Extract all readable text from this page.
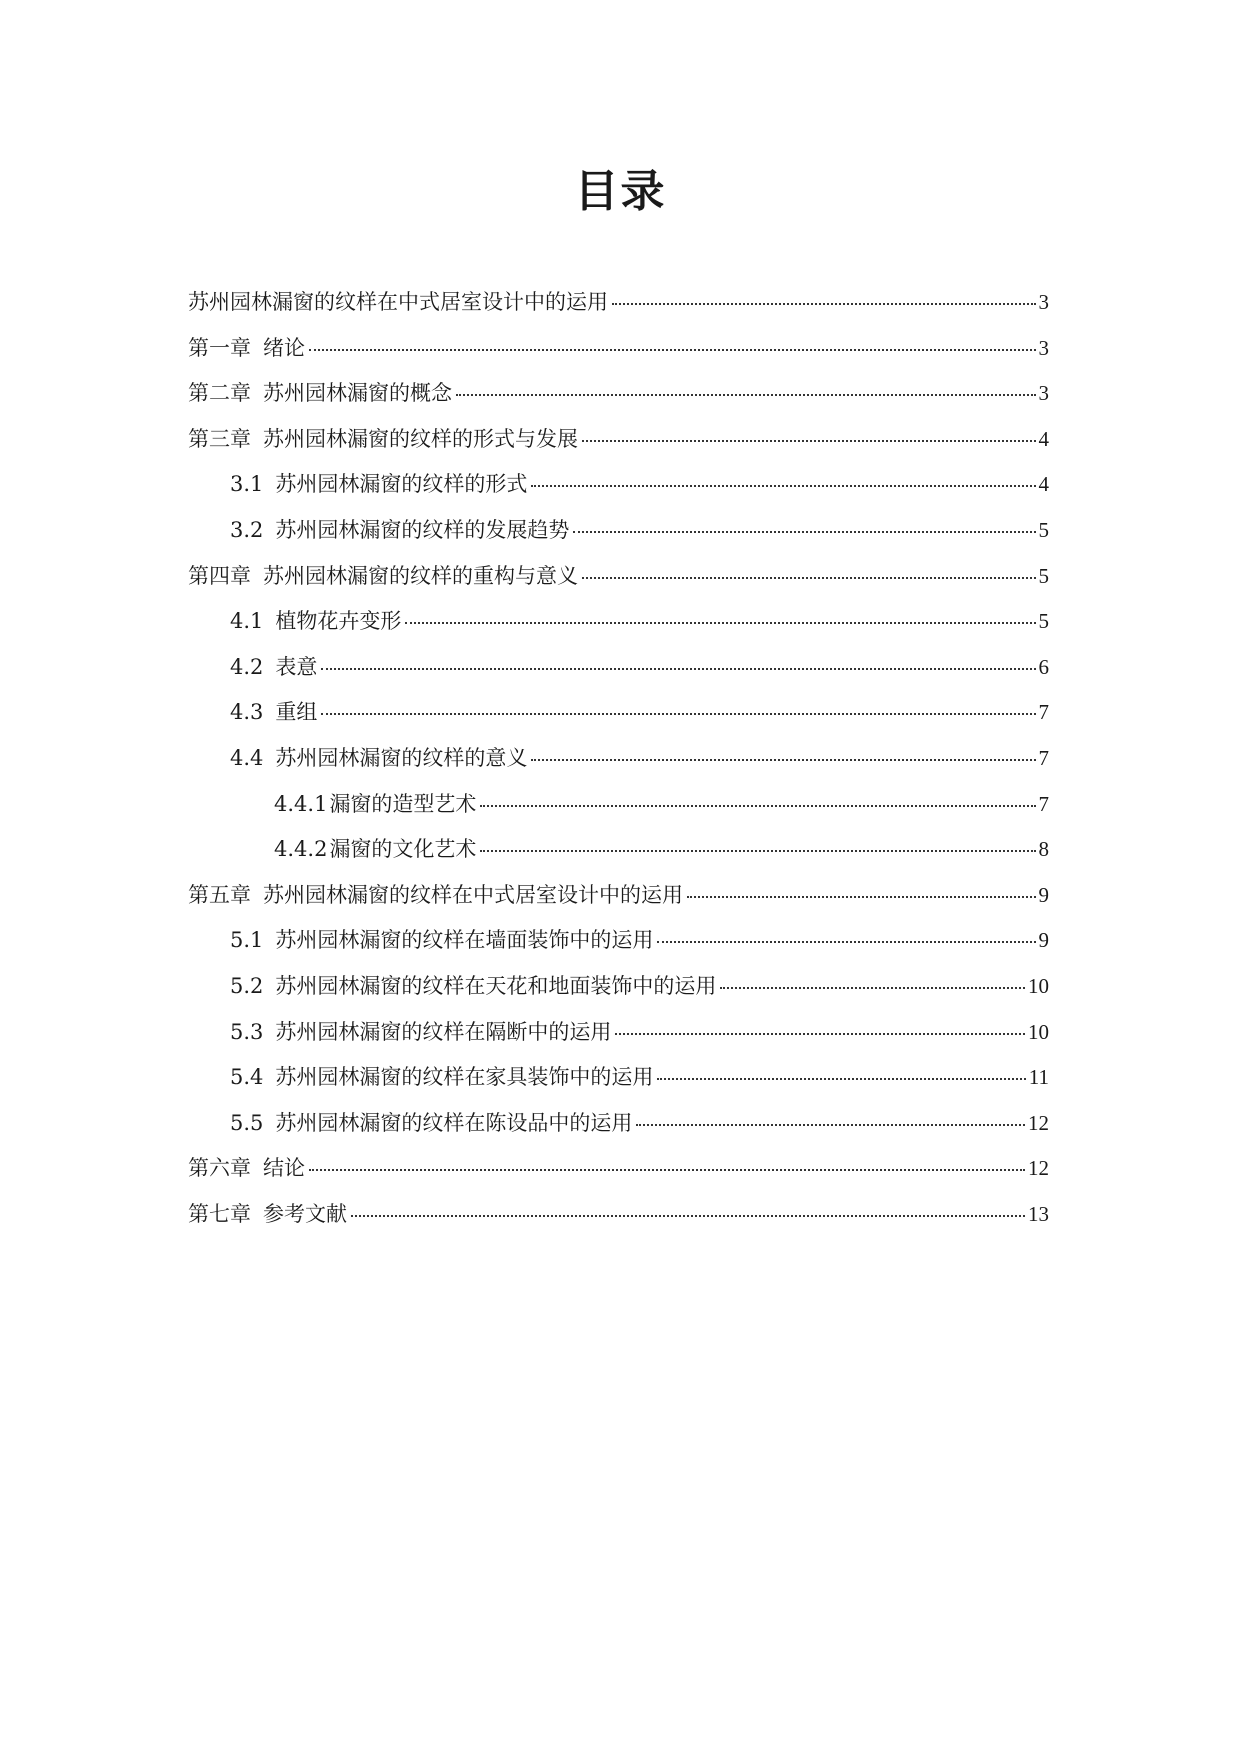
目录
苏州园林漏窗的纹样在中式居室设计中的运用	3
第一章 绪论	3
第二章 苏州园林漏窗的概念	3
第三章 苏州园林漏窗的纹样的形式与发展	4
3.1 苏州园林漏窗的纹样的形式	4
3.2 苏州园林漏窗的纹样的发展趋势	5
第四章 苏州园林漏窗的纹样的重构与意义	5
4.1 植物花卉变形	5
4.2 表意	6
4.3 重组	7
4.4 苏州园林漏窗的纹样的意义	7
4.4.1 漏窗的造型艺术	7
4.4.2 漏窗的文化艺术	8
第五章 苏州园林漏窗的纹样在中式居室设计中的运用	9
5.1 苏州园林漏窗的纹样在墙面装饰中的运用	9
5.2 苏州园林漏窗的纹样在天花和地面装饰中的运用	10
5.3 苏州园林漏窗的纹样在隔断中的运用	10
5.4 苏州园林漏窗的纹样在家具装饰中的运用	11
5.5 苏州园林漏窗的纹样在陈设品中的运用	12
第六章 结论	12
第七章 参考文献	13
